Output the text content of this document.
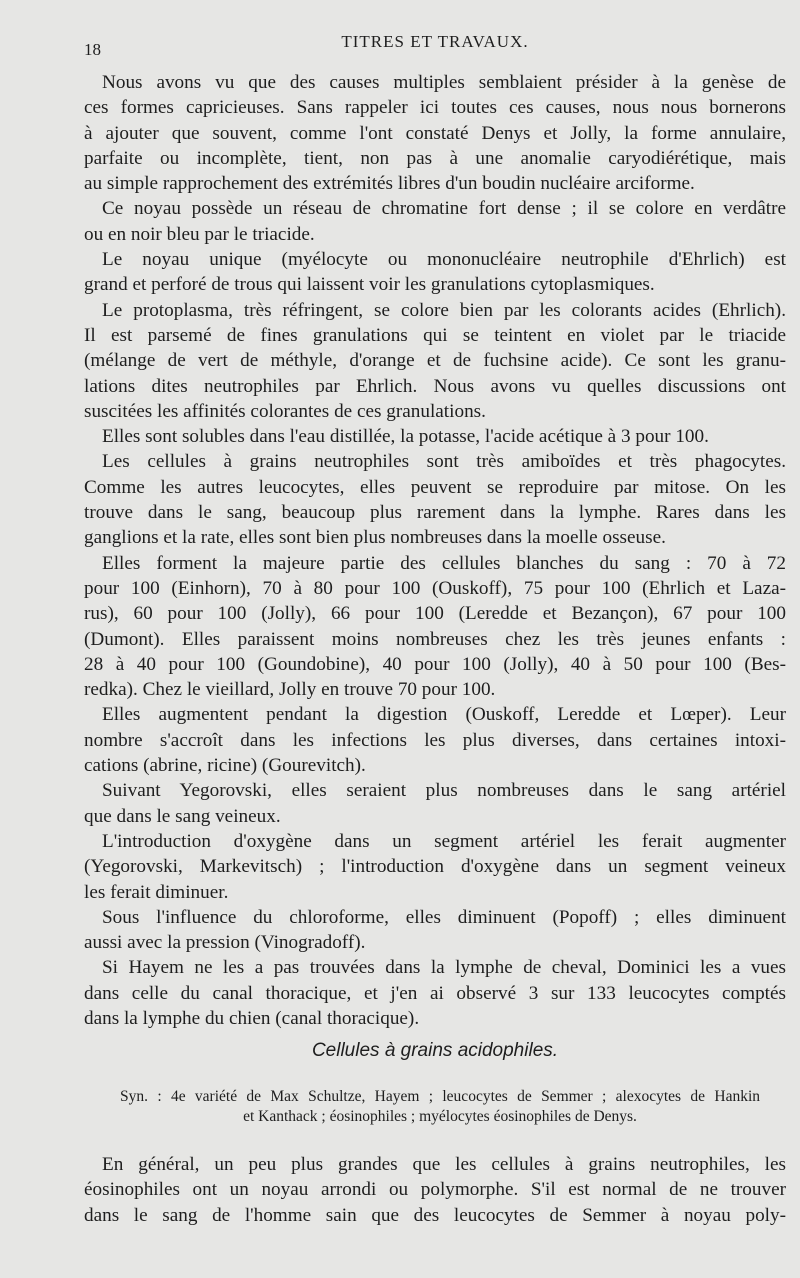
18	TITRES ET TRAVAUX.
Nous avons vu que des causes multiples semblaient présider à la genèse de
ces formes capricieuses. Sans rappeler ici toutes ces causes, nous nous bornerons
à ajouter que souvent, comme l'ont constaté Denys et Jolly, la forme annulaire,
parfaite ou incomplète, tient, non pas à une anomalie caryodiérétique, mais
au simple rapprochement des extrémités libres d'un boudin nucléaire arciforme.
Ce noyau possède un réseau de chromatine fort dense ; il se colore en verdâtre
ou en noir bleu par le triacide.
Le noyau unique (myélocyte ou mononucléaire neutrophile d'Ehrlich) est
grand et perforé de trous qui laissent voir les granulations cytoplasmiques.
Le protoplasma, très réfringent, se colore bien par les colorants acides (Ehrlich).
Il est parsemé de fines granulations qui se teintent en violet par le triacide
(mélange de vert de méthyle, d'orange et de fuchsine acide). Ce sont les granu-
lations dites neutrophiles par Ehrlich. Nous avons vu quelles discussions ont
suscitées les affinités colorantes de ces granulations.
Elles sont solubles dans l'eau distillée, la potasse, l'acide acétique à 3 pour 100.
Les cellules à grains neutrophiles sont très amiboïdes et très phagocytes.
Comme les autres leucocytes, elles peuvent se reproduire par mitose. On les
trouve dans le sang, beaucoup plus rarement dans la lymphe. Rares dans les
ganglions et la rate, elles sont bien plus nombreuses dans la moelle osseuse.
Elles forment la majeure partie des cellules blanches du sang : 70 à 72
pour 100 (Einhorn), 70 à 80 pour 100 (Ouskoff), 75 pour 100 (Ehrlich et Laza-
rus), 60 pour 100 (Jolly), 66 pour 100 (Leredde et Bezançon), 67 pour 100
(Dumont). Elles paraissent moins nombreuses chez les très jeunes enfants :
28 à 40 pour 100 (Goundobine), 40 pour 100 (Jolly), 40 à 50 pour 100 (Bes-
redka). Chez le vieillard, Jolly en trouve 70 pour 100.
Elles augmentent pendant la digestion (Ouskoff, Leredde et Lœper). Leur
nombre s'accroît dans les infections les plus diverses, dans certaines intoxi-
cations (abrine, ricine) (Gourevitch).
Suivant Yegorovski, elles seraient plus nombreuses dans le sang artériel
que dans le sang veineux.
L'introduction d'oxygène dans un segment artériel les ferait augmenter
(Yegorovski, Markevitsch) ; l'introduction d'oxygène dans un segment veineux
les ferait diminuer.
Sous l'influence du chloroforme, elles diminuent (Popoff) ; elles diminuent
aussi avec la pression (Vinogradoff).
Si Hayem ne les a pas trouvées dans la lymphe de cheval, Dominici les a vues
dans celle du canal thoracique, et j'en ai observé 3 sur 133 leucocytes comptés
dans la lymphe du chien (canal thoracique).
Cellules à grains acidophiles.
Syn. : 4e variété de Max Schultze, Hayem ; leucocytes de Semmer ; alexocytes de Hankin
et Kanthack ; éosinophiles ; myélocytes éosinophiles de Denys.
En général, un peu plus grandes que les cellules à grains neutrophiles, les
éosinophiles ont un noyau arrondi ou polymorphe. S'il est normal de ne trouver
dans le sang de l'homme sain que des leucocytes de Semmer à noyau poly-
